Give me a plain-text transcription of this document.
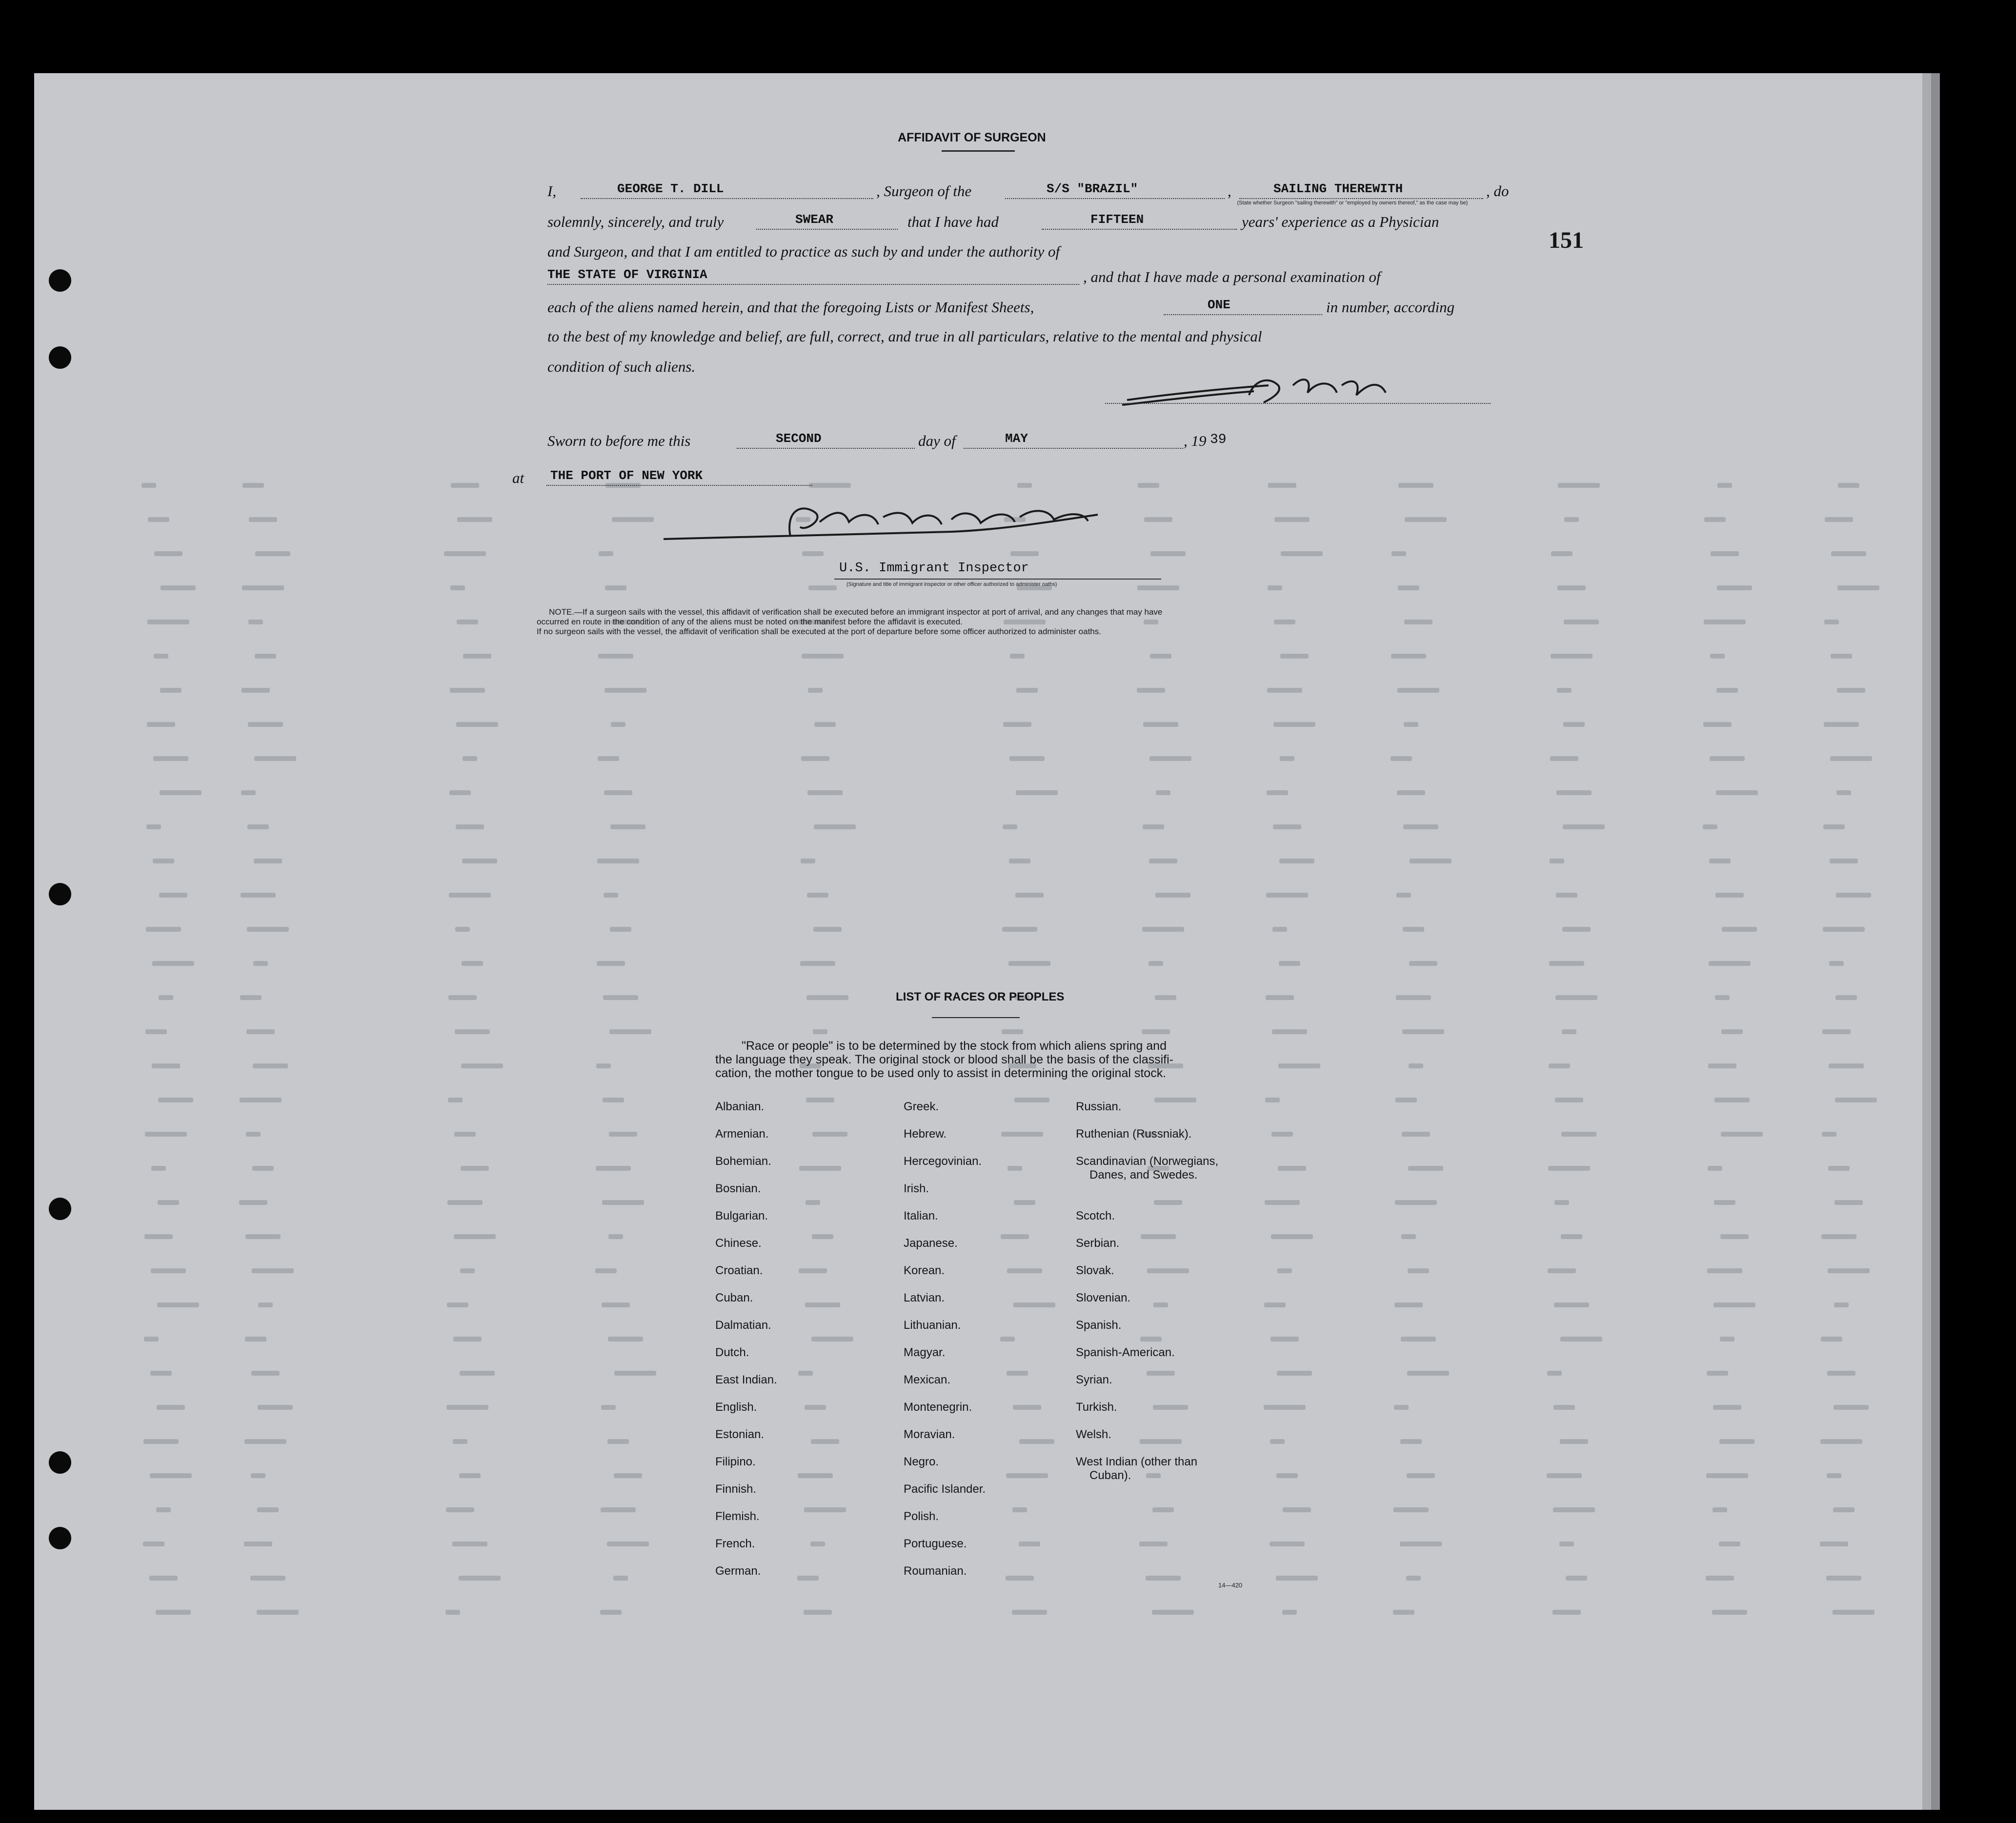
151
AFFIDAVIT OF SURGEON
I,	GEORGE T. DILL	, Surgeon of the	S/S "BRAZIL"	,	SAILING THEREWITH	, do
(State whether Surgeon "sailing therewith" or "employed by owners thereof," as the case may be)
solemnly, sincerely, and truly	SWEAR	that I have had	FIFTEEN	years' experience as a Physician
and Surgeon, and that I am entitled to practice as such by and under the authority of
THE STATE OF VIRGINIA	, and that I have made a personal examination of
each of the aliens named herein, and that the foregoing Lists or Manifest Sheets,	ONE	in number, according
to the best of my knowledge and belief, are full, correct, and true in all particulars, relative to the mental and physical
condition of such aliens.
Sworn to before me this	SECOND	day of	MAY	, 19 39
at THE PORT OF NEW YORK
U.S. Immigrant Inspector
(Signature and title of immigrant inspector or other officer authorized to administer oaths)
NOTE.—If a surgeon sails with the vessel, this affidavit of verification shall be executed before an immigrant inspector at port of arrival, and any changes that may have
occurred en route in the condition of any of the aliens must be noted on the manifest before the affidavit is executed.
If no surgeon sails with the vessel, the affidavit of verification shall be executed at the port of departure before some officer authorized to administer oaths.
LIST OF RACES OR PEOPLES
"Race or people" is to be determined by the stock from which aliens spring and
the language they speak. The original stock or blood shall be the basis of the classifi-
cation, the mother tongue to be used only to assist in determining the original stock.
Albanian.
Armenian.
Bohemian.
Bosnian.
Bulgarian.
Chinese.
Croatian.
Cuban.
Dalmatian.
Dutch.
East Indian.
English.
Estonian.
Filipino.
Finnish.
Flemish.
French.
German.
Greek.
Hebrew.
Hercegovinian.
Irish.
Italian.
Japanese.
Korean.
Latvian.
Lithuanian.
Magyar.
Mexican.
Montenegrin.
Moravian.
Negro.
Pacific Islander.
Polish.
Portuguese.
Roumanian.
Russian.
Ruthenian (Russniak).
Scandinavian (Norwegians,
Danes, and Swedes.
Scotch.
Serbian.
Slovak.
Slovenian.
Spanish.
Spanish-American.
Syrian.
Turkish.
Welsh.
West Indian (other than
Cuban).
14—420
